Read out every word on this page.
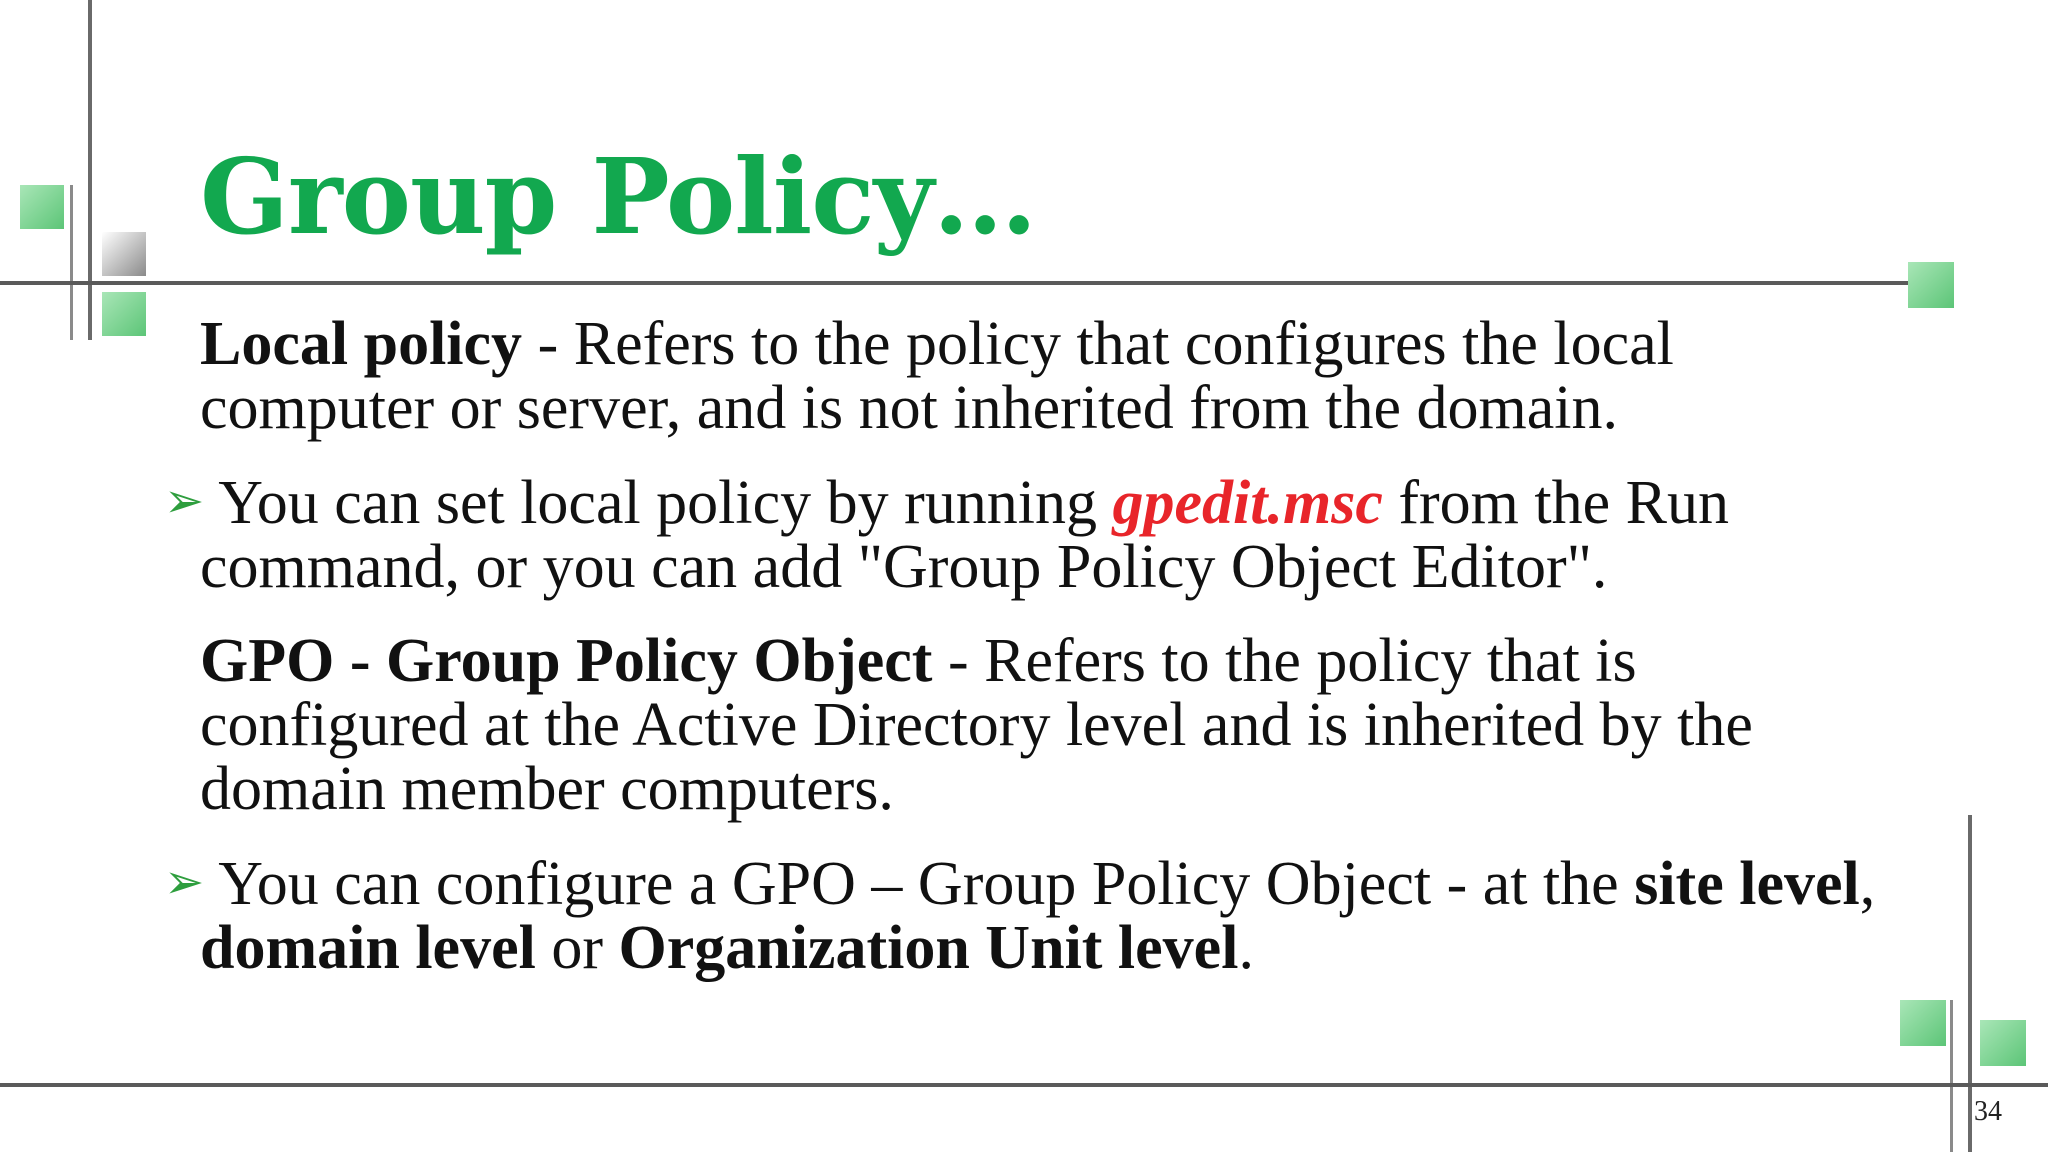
Group Policy…

Local policy - Refers to the policy that configures the local computer or server, and is not inherited from the domain.

➢ You can set local policy by running gpedit.msc from the Run command, or you can add "Group Policy Object Editor".

GPO - Group Policy Object - Refers to the policy that is configured at the Active Directory level and is inherited by the domain member computers.

➢ You can configure a GPO – Group Policy Object - at the site level, domain level or Organization Unit level.

34
